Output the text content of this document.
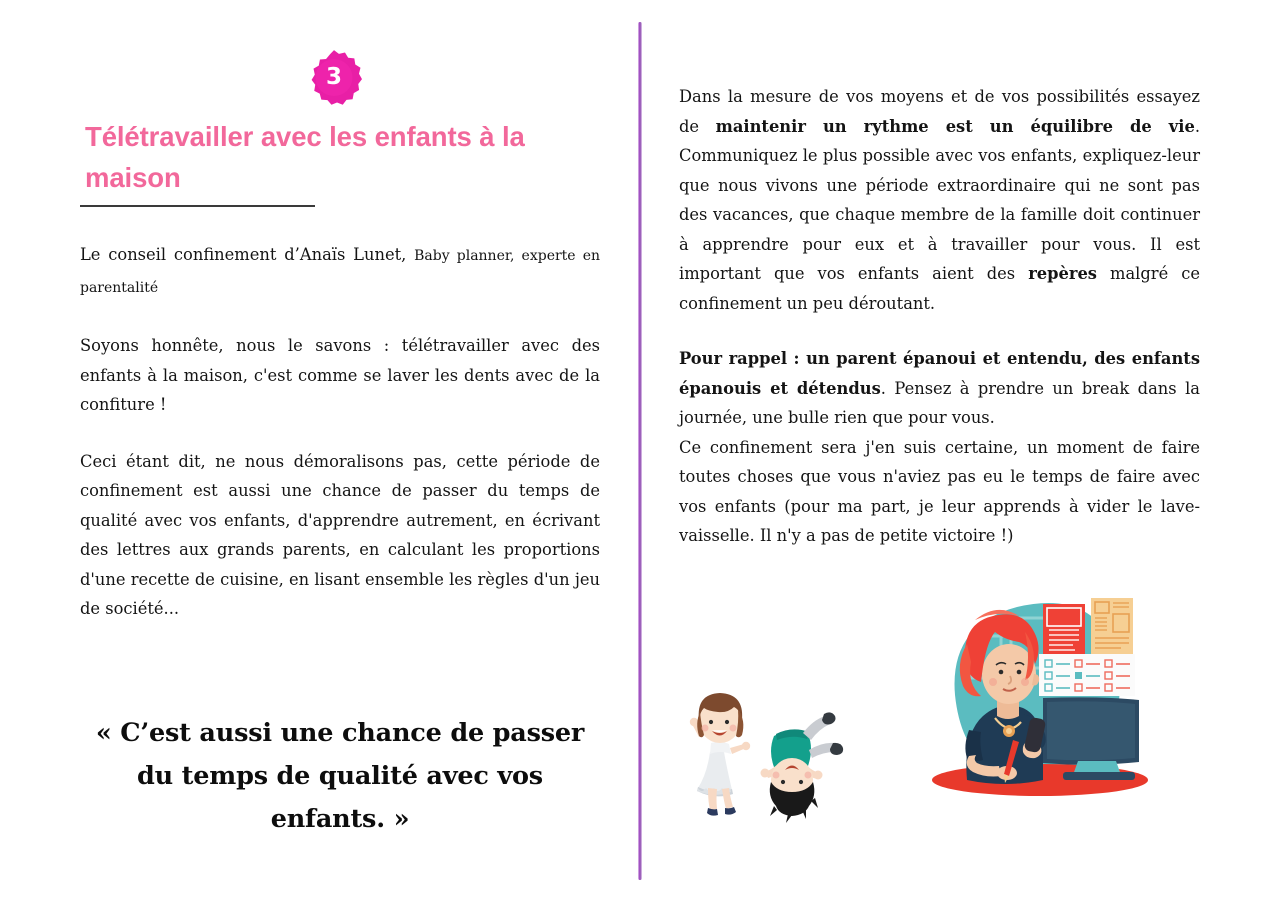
3
Télétravailler avec les enfants à la maison

Le conseil confinement d’Anaïs Lunet, Baby planner, experte en parentalité

Soyons honnête, nous le savons : télétravailler avec des enfants à la maison, c'est comme se laver les dents avec de la confiture !

Ceci étant dit, ne nous démoralisons pas, cette période de confinement est aussi une chance de passer du temps de qualité avec vos enfants, d'apprendre autrement, en écrivant des lettres aux grands parents, en calculant les proportions d'une recette de cuisine, en lisant ensemble les règles d'un jeu de société...

« C’est aussi une chance de passer du temps de qualité avec vos enfants. »

Dans la mesure de vos moyens et de vos possibilités essayez de maintenir un rythme est un équilibre de vie. Communiquez le plus possible avec vos enfants, expliquez-leur que nous vivons une période extraordinaire qui ne sont pas des vacances, que chaque membre de la famille doit continuer à apprendre pour eux et à travailler pour vous. Il est important que vos enfants aient des repères malgré ce confinement un peu déroutant.

Pour rappel : un parent épanoui et entendu, des enfants épanouis et détendus. Pensez à prendre un break dans la journée, une bulle rien que pour vous.
Ce confinement sera j'en suis certaine, un moment de faire toutes choses que vous n'aviez pas eu le temps de faire avec vos enfants (pour ma part, je leur apprends à vider le lave-vaisselle. Il n'y a pas de petite victoire !)
